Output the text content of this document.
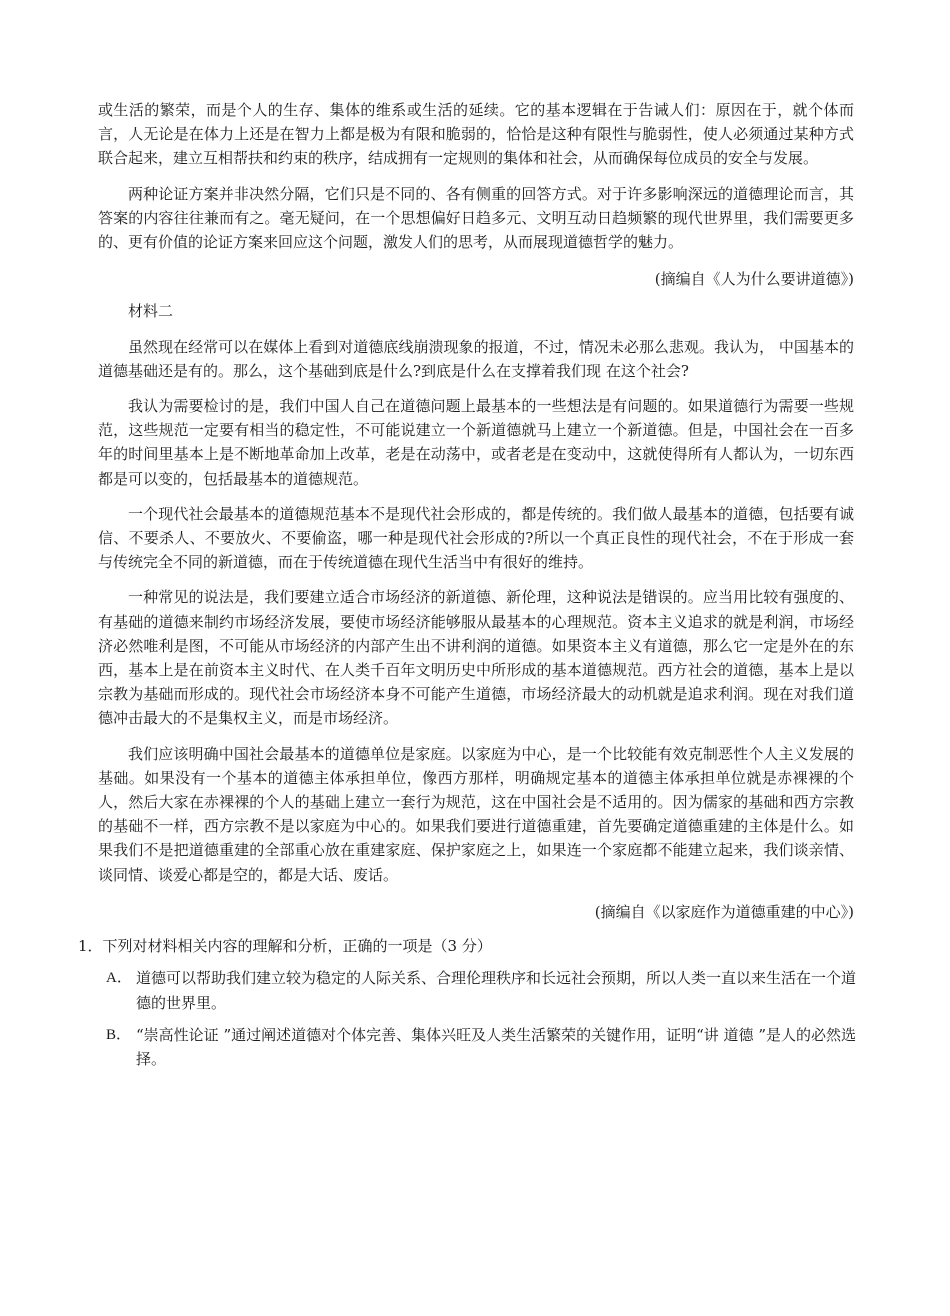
或生活的繁荣，而是个人的生存、集体的维系或生活的延续。它的基本逻辑在于告诫人们：原因在于，就个体而言，人无论是在体力上还是在智力上都是极为有限和脆弱的，恰恰是这种有限性与脆弱性，使人必须通过某种方式联合起来，建立互相帮扶和约束的秩序，结成拥有一定规则的集体和社会，从而确保每位成员的安全与发展。

两种论证方案并非决然分隔，它们只是不同的、各有侧重的回答方式。对于许多影响深远的道德理论而言，其答案的内容往往兼而有之。毫无疑问，在一个思想偏好日趋多元、文明互动日趋频繁的现代世界里，我们需要更多的、更有价值的论证方案来回应这个问题，激发人们的思考，从而展现道德哲学的魅力。

(摘编自《人为什么要讲道德》)

材料二

虽然现在经常可以在媒体上看到对道德底线崩溃现象的报道，不过，情况未必那么悲观。我认为， 中国基本的道德基础还是有的。那么，这个基础到底是什么?到底是什么在支撑着我们现 在这个社会?

我认为需要检讨的是，我们中国人自己在道德问题上最基本的一些想法是有问题的。如果道德行为需要一些规范，这些规范一定要有相当的稳定性，不可能说建立一个新道德就马上建立一个新道德。但是，中国社会在一百多年的时间里基本上是不断地革命加上改革，老是在动荡中，或者老是在变动中，这就使得所有人都认为，一切东西都是可以变的，包括最基本的道德规范。

一个现代社会最基本的道德规范基本不是现代社会形成的，都是传统的。我们做人最基本的道德，包括要有诚信、不要杀人、不要放火、不要偷盗，哪一种是现代社会形成的?所以一个真正良性的现代社会，不在于形成一套与传统完全不同的新道德，而在于传统道德在现代生活当中有很好的维持。

一种常见的说法是，我们要建立适合市场经济的新道德、新伦理，这种说法是错误的。应当用比较有强度的、有基础的道德来制约市场经济发展，要使市场经济能够服从最基本的心理规范。资本主义追求的就是利润，市场经济必然唯利是图，不可能从市场经济的内部产生出不讲利润的道德。如果资本主义有道德，那么它一定是外在的东西，基本上是在前资本主义时代、在人类千百年文明历史中所形成的基本道德规范。西方社会的道德，基本上是以宗教为基础而形成的。现代社会市场经济本身不可能产生道德，市场经济最大的动机就是追求利润。现在对我们道德冲击最大的不是集权主义，而是市场经济。

我们应该明确中国社会最基本的道德单位是家庭。以家庭为中心，是一个比较能有效克制恶性个人主义发展的基础。如果没有一个基本的道德主体承担单位，像西方那样，明确规定基本的道德主体承担单位就是赤裸裸的个人，然后大家在赤裸裸的个人的基础上建立一套行为规范，这在中国社会是不适用的。因为儒家的基础和西方宗教的基础不一样，西方宗教不是以家庭为中心的。如果我们要进行道德重建，首先要确定道德重建的主体是什么。如果我们不是把道德重建的全部重心放在重建家庭、保护家庭之上，如果连一个家庭都不能建立起来，我们谈亲情、谈同情、谈爱心都是空的，都是大话、废话。

(摘编自《以家庭作为道德重建的中心》)

1．下列对材料相关内容的理解和分析，正确的一项是（3 分）

A． 道德可以帮助我们建立较为稳定的人际关系、合理伦理秩序和长远社会预期，所以人类一直以来生活在一个道德的世界里。

B． “崇高性论证 ”通过阐述道德对个体完善、集体兴旺及人类生活繁荣的关键作用，证明“讲 道德 ”是人的必然选择。
